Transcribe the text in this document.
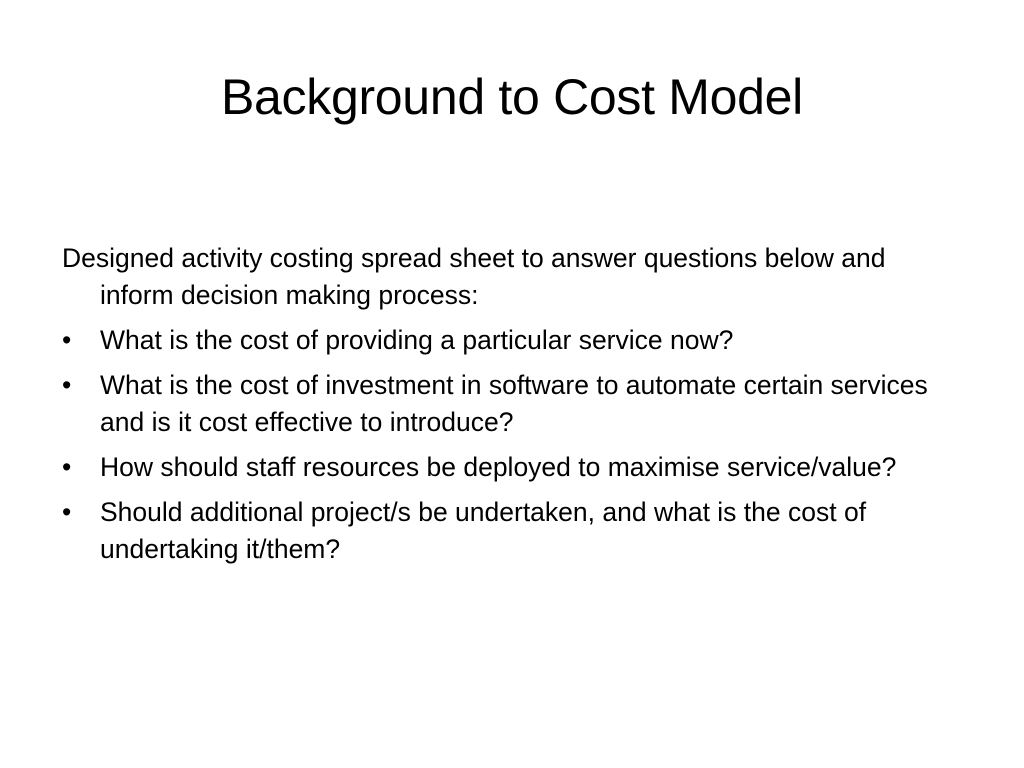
Background to Cost Model

Designed activity costing spread sheet to answer questions below and inform decision making process:

•	What is the cost of providing a particular service now?
•	What is the cost of investment in software to automate certain services and is it cost effective to introduce?
•	How should staff resources be deployed to maximise service/value?
•	Should additional project/s be undertaken, and what is the cost of undertaking it/them?
